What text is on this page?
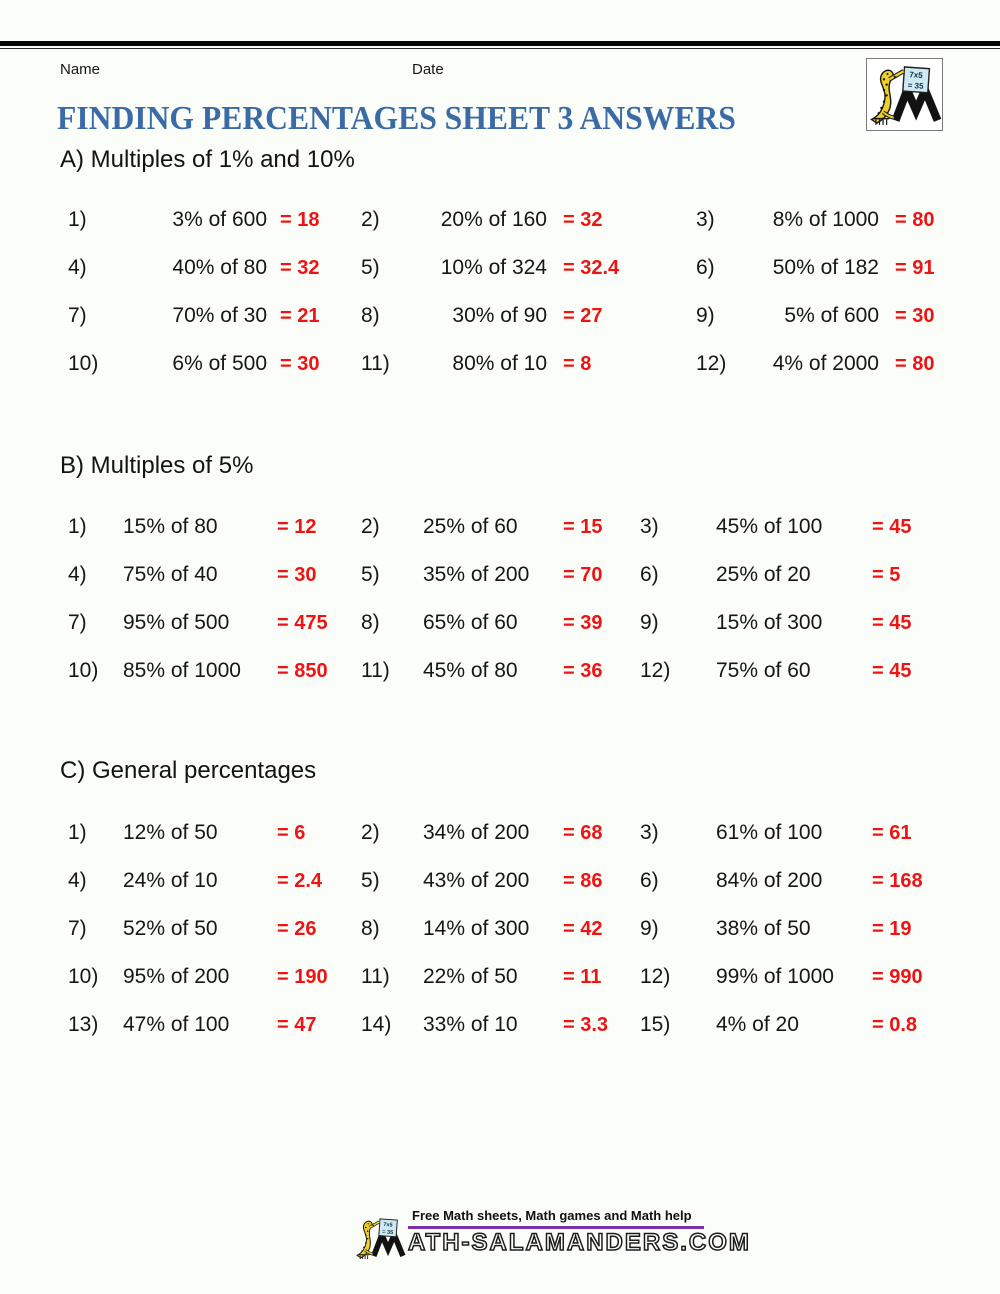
Name	Date
FINDING PERCENTAGES SHEET 3 ANSWERS
A) Multiples of 1% and 10%
1)	3% of 600 = 18 2)	20% of 160 = 32	3)	8% of 1000 = 80
4)	40% of 80 = 32 5)	10% of 324 = 32.4	6)	50% of 182 = 91
7)	70% of 30 = 21 8)	30% of 90 = 27	9)	5% of 600 = 30
10)	6% of 500 = 30 11)	80% of 10 = 8	12)	4% of 2000 = 80
B) Multiples of 5%
1) 15% of 80	= 12 2) 25% of 60 = 15 3)	45% of 100 = 45
4) 75% of 40	= 30 5) 35% of 200 = 70 6)	25% of 20	= 5
7) 95% of 500 = 475 8) 65% of 60 = 39 9)	15% of 300 = 45
10) 85% of 1000 = 850 11) 45% of 80 = 36 12) 75% of 60	= 45
C) General percentages
1) 12% of 50	= 6	2) 34% of 200 = 68 3)	61% of 100 = 61
4) 24% of 10	= 2.4 5) 43% of 200 = 86 6)	84% of 200 = 168
7) 52% of 50	= 26 8) 14% of 300 = 42 9)	38% of 50	= 19
10) 95% of 200 = 190 11) 22% of 50 = 11 12) 99% of 1000 = 990
13) 47% of 100 = 47 14) 33% of 10 = 3.3 15) 4% of 20	= 0.8
Free Math sheets, Math games and Math help
ATH-SALAMANDERS.COM
